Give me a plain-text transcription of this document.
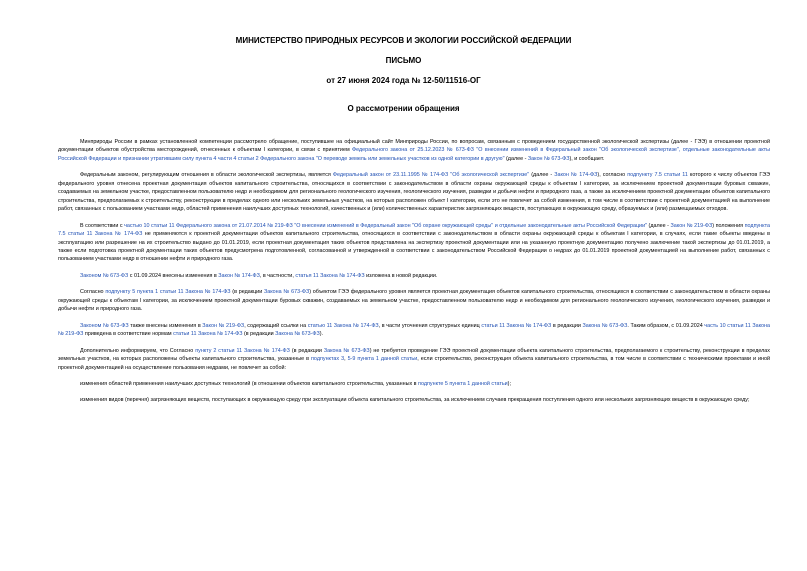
МИНИСТЕРСТВО ПРИРОДНЫХ РЕСУРСОВ И ЭКОЛОГИИ РОССИЙСКОЙ ФЕДЕРАЦИИ
ПИСЬМО
от 27 июня 2024 года № 12-50/11516-ОГ
О рассмотрении обращения

Минприроды России в рамках установленной компетенции рассмотрело обращение, поступившее на официальный сайт Минприроды России, по вопросам, связанным с проведением государственной экологической экспертизы (далее - ГЭЭ) в отношении проектной документации объектов обустройства месторождений, отнесенных к объектам I категории, в связи с принятием Федерального закона от 25.12.2023 № 673-ФЗ "О внесении изменений в Федеральный закон "Об экологической экспертизе", отдельные законодательные акты Российской Федерации и признании утратившим силу пункта 4 части 4 статьи 2 Федерального закона "О переводе земель или земельных участков из одной категории в другую" (далее - Закон № 673-ФЗ), и сообщает.

Федеральным законом, регулирующим отношения в области экологической экспертизы, является Федеральный закон от 23.11.1995 № 174-ФЗ "Об экологической экспертизе" (далее - Закон № 174-ФЗ), согласно подпункту 7.5 статьи 11 которого к числу объектов ГЭЭ федерального уровня отнесена проектная документация объектов капитального строительства, относящихся в соответствии с законодательством в области охраны окружающей среды к объектам I категории, за исключением проектной документации буровых скважин, создаваемых на земельном участке, предоставленном пользователю недр и необходимом для регионального геологического изучения, геологического изучения, разведки и добычи нефти и природного газа, а также за исключением проектной документации объектов капитального строительства, предполагаемых к строительству, реконструкции в пределах одного или нескольких земельных участков, на которых расположен объект I категории, если это не повлечет за собой изменения, в том числе в соответствии с проектной документацией на выполнение работ, связанных с пользованием участками недр, областей применения наилучших доступных технологий, качественных и (или) количественных характеристик загрязняющих веществ, поступающих в окружающую среду, образуемых и (или) размещаемых отходов.

В соответствии с частью 10 статьи 11 Федерального закона от 21.07.2014 № 219-ФЗ "О внесении изменений в Федеральный закон "Об охране окружающей среды" и отдельные законодательные акты Российской Федерации" (далее - Закон № 219-ФЗ) положения подпункта 7.5 статьи 11 Закона № 174-ФЗ не применяются к проектной документации объектов капитального строительства, относящихся в соответствии с законодательством в области охраны окружающей среды к объектам I категории, в случаях, если такие объекты введены в эксплуатацию или разрешение на их строительство выдано до 01.01.2019, если проектная документация таких объектов представлена на экспертизу проектной документации или на указанную проектную документацию получено заключение такой экспертизы до 01.01.2019, а также если подготовка проектной документации таких объектов предусмотрена подготовленной, согласованной и утвержденной в соответствии с законодательством Российской Федерации о недрах до 01.01.2019 проектной документацией на выполнение работ, связанных с пользованием участками недр в отношении нефти и природного газа.

Законом № 673-ФЗ с 01.09.2024 внесены изменения в Закон № 174-ФЗ, в частности, статья 11 Закона № 174-ФЗ изложена в новой редакции.

Согласно подпункту 5 пункта 1 статьи 11 Закона № 174-ФЗ (в редакции Закона № 673-ФЗ) объектом ГЭЭ федерального уровня является проектная документация объектов капитального строительства, относящихся в соответствии с законодательством в области охраны окружающей среды к объектам I категории, за исключением проектной документации буровых скважин, создаваемых на земельном участке, предоставленном пользователю недр и необходимом для регионального геологического изучения, геологического изучения, разведки и добычи нефти и природного газа.

Законом № 673-ФЗ также внесены изменения в Закон № 219-ФЗ, содержащий ссылки на статью 11 Закона № 174-ФЗ, в части уточнения структурных единиц статьи 11 Закона № 174-ФЗ в редакции Закона № 673-ФЗ. Таким образом, с 01.09.2024 часть 10 статьи 11 Закона № 219-ФЗ приведена в соответствие нормам статьи 11 Закона № 174-ФЗ (в редакции Закона № 673-ФЗ).

Дополнительно информируем, что Согласно пункту 2 статьи 11 Закона № 174-ФЗ (в редакции Закона № 673-ФЗ) не требуется проведение ГЭЭ проектной документации объекта капитального строительства, предполагаемого к строительству, реконструкции в пределах земельных участков, на которых расположены объекты капитального строительства, указанные в подпунктах 3, 5-9 пункта 1 данной статьи, если строительство, реконструкция объекта капитального строительства, в том числе в соответствии с техническими проектами и иной проектной документацией на осуществление пользования недрами, не повлечет за собой:

изменения областей применения наилучших доступных технологий (в отношении объектов капитального строительства, указанных в подпункте 5 пункта 1 данной статьи);

изменения видов (перечня) загрязняющих веществ, поступающих в окружающую среду при эксплуатации объекта капитального строительства, за исключением случаев прекращения поступления одного или нескольких загрязняющих веществ в окружающую среду;
